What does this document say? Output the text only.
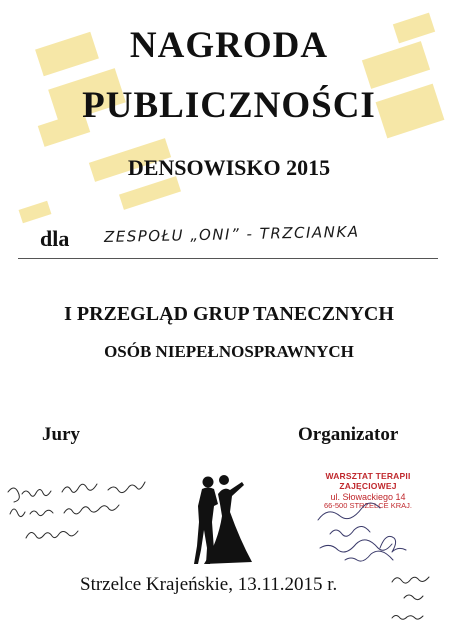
NAGRODA
PUBLICZNOŚCI
DENSOWISKO 2015
dla ZESPOŁU „ONI” - TRZCIANKA
I PRZEGLĄD GRUP TANECZNYCH
OSÓB NIEPEŁNOSPRAWNYCH
Jury	Organizator
WARSZTAT TERAPII ZAJĘCIOWEJ
ul. Słowackiego 14
66-500 STRZELCE KRAJ.
Strzelce Krajeńskie, 13.11.2015 r.
